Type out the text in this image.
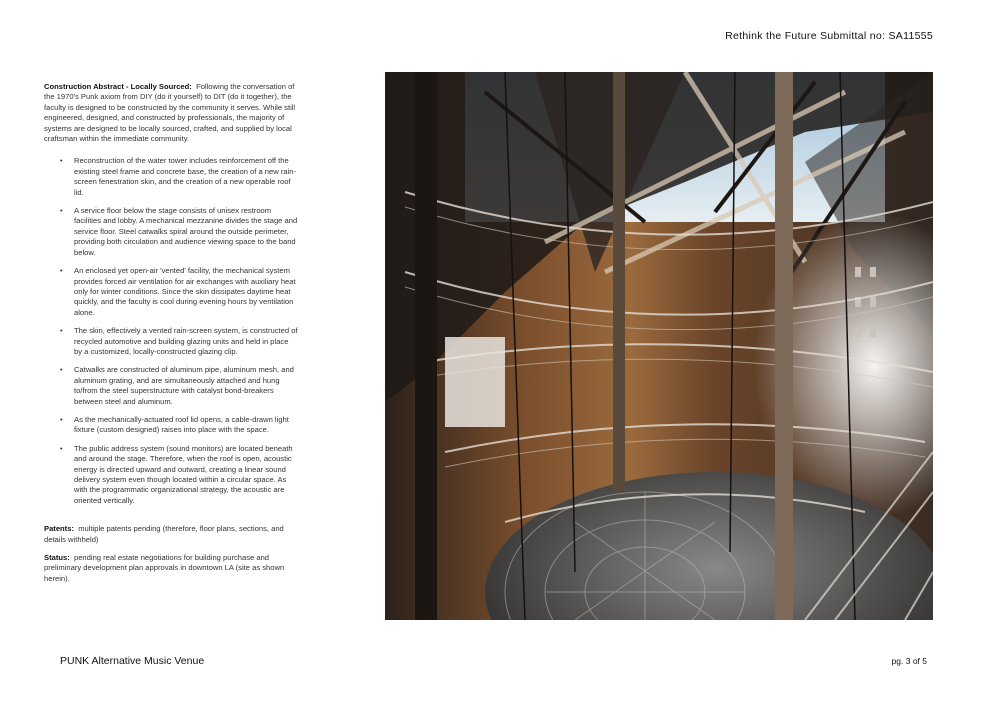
Rethink the Future Submittal no: SA11555

Construction Abstract - Locally Sourced: Following the conversation of the 1970's Punk axiom from DIY (do it yourself) to DIT (do it together), the faculty is designed to be constructed by the community it serves. While still engineered, designed, and constructed by professionals, the majority of systems are designed to be locally sourced, crafted, and supplied by local craftsman within the immediate community.

• Reconstruction of the water tower includes reinforcement off the existing steel frame and concrete base, the creation of a new rain-screen fenestration skin, and the creation of a new operable roof lid.
• A service floor below the stage consists of unisex restroom facilities and lobby. A mechanical mezzanine divides the stage and service floor. Steel catwalks spiral around the outside perimeter, providing both circulation and audience viewing space to the band below.
• An enclosed yet open-air 'vented' facility, the mechanical system provides forced air ventilation for air exchanges with auxiliary heat only for winter conditions. Since the skin dissipates daytime heat quickly, and the faculty is cool during evening hours by ventilation alone.
• The skin, effectively a vented rain-screen system, is constructed of recycled automotive and building glazing units and held in place by a customized, locally-constructed glazing clip.
• Catwalks are constructed of aluminum pipe, aluminum mesh, and aluminum grating, and are simultaneously attached and hung to/from the steel superstructure with catalyst bond-breakers between steel and aluminum.
• As the mechanically-actuated roof lid opens, a cable-drawn light fixture (custom designed) raises into place with the space.
• The public address system (sound monitors) are located beneath and around the stage. Therefore, when the roof is open, acoustic energy is directed upward and outward, creating a linear sound delivery system even though located within a circular space. As with the programmatic organizational strategy, the acoustic are oriented vertically.

Patents: multiple patents pending (therefore, floor plans, sections, and details withheld)

Status: pending real estate negotiations for building purchase and preliminary development plan approvals in downtown LA (site as shown herein).

PUNK Alternative Music Venue	pg. 3 of 5
